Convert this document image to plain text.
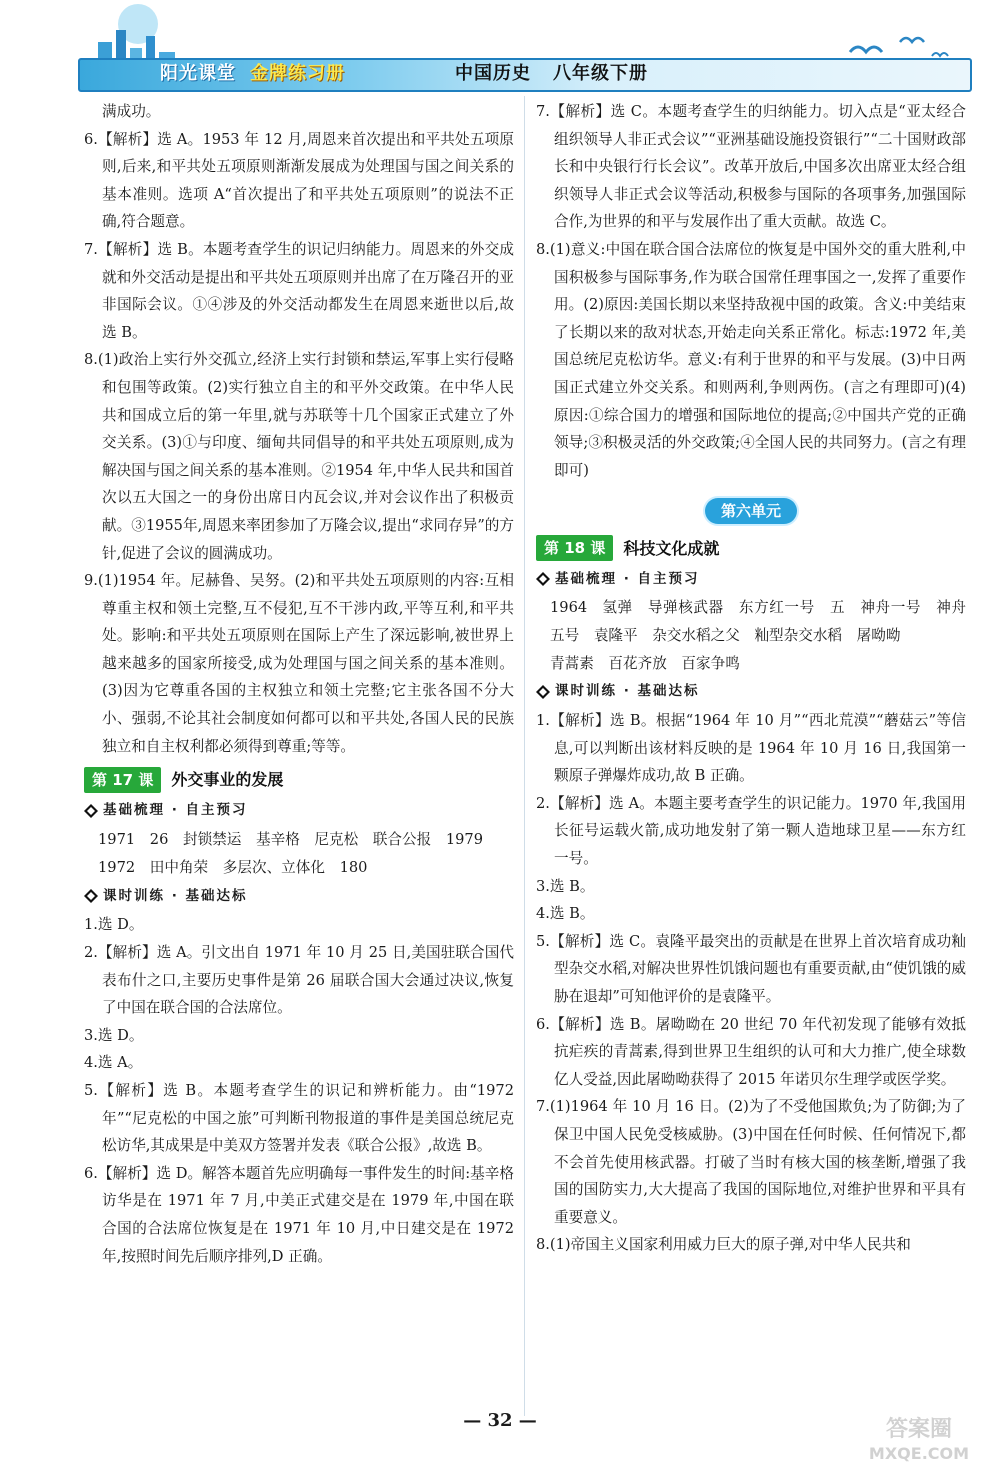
阳光课堂 金牌练习册	中国历史 八年级下册

满成功。

6.【解析】选 A。1953 年 12 月,周恩来首次提出和平共处五项原则,后来,和平共处五项原则渐渐发展成为处理国与国之间关系的基本准则。选项 A“首次提出了和平共处五项原则”的说法不正确,符合题意。

7.【解析】选 B。本题考查学生的识记归纳能力。周恩来的外交成就和外交活动是提出和平共处五项原则并出席了在万隆召开的亚非国际会议。①④涉及的外交活动都发生在周恩来逝世以后,故选 B。

8.(1)政治上实行外交孤立,经济上实行封锁和禁运,军事上实行侵略和包围等政策。(2)实行独立自主的和平外交政策。在中华人民共和国成立后的第一年里,就与苏联等十几个国家正式建立了外交关系。(3)①与印度、缅甸共同倡导的和平共处五项原则,成为解决国与国之间关系的基本准则。②1954 年,中华人民共和国首次以五大国之一的身份出席日内瓦会议,并对会议作出了积极贡献。③1955年,周恩来率团参加了万隆会议,提出“求同存异”的方针,促进了会议的圆满成功。

9.(1)1954 年。尼赫鲁、吴努。(2)和平共处五项原则的内容:互相尊重主权和领土完整,互不侵犯,互不干涉内政,平等互利,和平共处。影响:和平共处五项原则在国际上产生了深远影响,被世界上越来越多的国家所接受,成为处理国与国之间关系的基本准则。(3)因为它尊重各国的主权独立和领土完整;它主张各国不分大小、强弱,不论其社会制度如何都可以和平共处,各国人民的民族独立和自主权利都必须得到尊重;等等。

第 17 课	外交事业的发展
基础梳理 · 自主预习

1971 26 封锁禁运 基辛格 尼克松 联合公报 1979

1972 田中角荣 多层次、立体化 180

课时训练 · 基础达标

1.选 D。

2.【解析】选 A。引文出自 1971 年 10 月 25 日,美国驻联合国代表布什之口,主要历史事件是第 26 届联合国大会通过决议,恢复了中国在联合国的合法席位。

3.选 D。

4.选 A。

5.【解析】选 B。本题考查学生的识记和辨析能力。由“1972年”“尼克松的中国之旅”可判断刊物报道的事件是美国总统尼克松访华,其成果是中美双方签署并发表《联合公报》,故选 B。

6.【解析】选 D。解答本题首先应明确每一事件发生的时间:基辛格访华是在 1971 年 7 月,中美正式建交是在 1979 年,中国在联合国的合法席位恢复是在 1971 年 10 月,中日建交是在 1972 年,按照时间先后顺序排列,D 正确。

7.【解析】选 C。本题考查学生的归纳能力。切入点是“亚太经合组织领导人非正式会议”“亚洲基础设施投资银行”“二十国财政部长和中央银行行长会议”。改革开放后,中国多次出席亚太经合组织领导人非正式会议等活动,积极参与国际的各项事务,加强国际合作,为世界的和平与发展作出了重大贡献。故选 C。

8.(1)意义:中国在联合国合法席位的恢复是中国外交的重大胜利,中国积极参与国际事务,作为联合国常任理事国之一,发挥了重要作用。(2)原因:美国长期以来坚持敌视中国的政策。含义:中美结束了长期以来的敌对状态,开始走向关系正常化。标志:1972 年,美国总统尼克松访华。意义:有利于世界的和平与发展。(3)中日两国正式建立外交关系。和则两利,争则两伤。(言之有理即可)(4)原因:①综合国力的增强和国际地位的提高;②中国共产党的正确领导;③积极灵活的外交政策;④全国人民的共同努力。(言之有理即可)

第六单元
第 18 课	科技文化成就
基础梳理 · 自主预习

1964 氢弹 导弹核武器 东方红一号 五 神舟一号 神舟五号 袁隆平 杂交水稻之父 籼型杂交水稻 屠呦呦

青蒿素 百花齐放 百家争鸣

课时训练 · 基础达标

1.【解析】选 B。根据“1964 年 10 月”“西北荒漠”“蘑菇云”等信息,可以判断出该材料反映的是 1964 年 10 月 16 日,我国第一颗原子弹爆炸成功,故 B 正确。

2.【解析】选 A。本题主要考查学生的识记能力。1970 年,我国用长征号运载火箭,成功地发射了第一颗人造地球卫星——东方红一号。

3.选 B。

4.选 B。

5.【解析】选 C。袁隆平最突出的贡献是在世界上首次培育成功籼型杂交水稻,对解决世界性饥饿问题也有重要贡献,由“使饥饿的威胁在退却”可知他评价的是袁隆平。

6.【解析】选 B。屠呦呦在 20 世纪 70 年代初发现了能够有效抵抗疟疾的青蒿素,得到世界卫生组织的认可和大力推广,使全球数亿人受益,因此屠呦呦获得了 2015 年诺贝尔生理学或医学奖。

7.(1)1964 年 10 月 16 日。(2)为了不受他国欺负;为了防御;为了保卫中国人民免受核威胁。(3)中国在任何时候、任何情况下,都不会首先使用核武器。打破了当时有核大国的核垄断,增强了我国的国防实力,大大提高了我国的国际地位,对维护世界和平具有重要意义。

8.(1)帝国主义国家利用威力巨大的原子弹,对中华人民共和

— 32 —	答案圈
MXQE.COM
